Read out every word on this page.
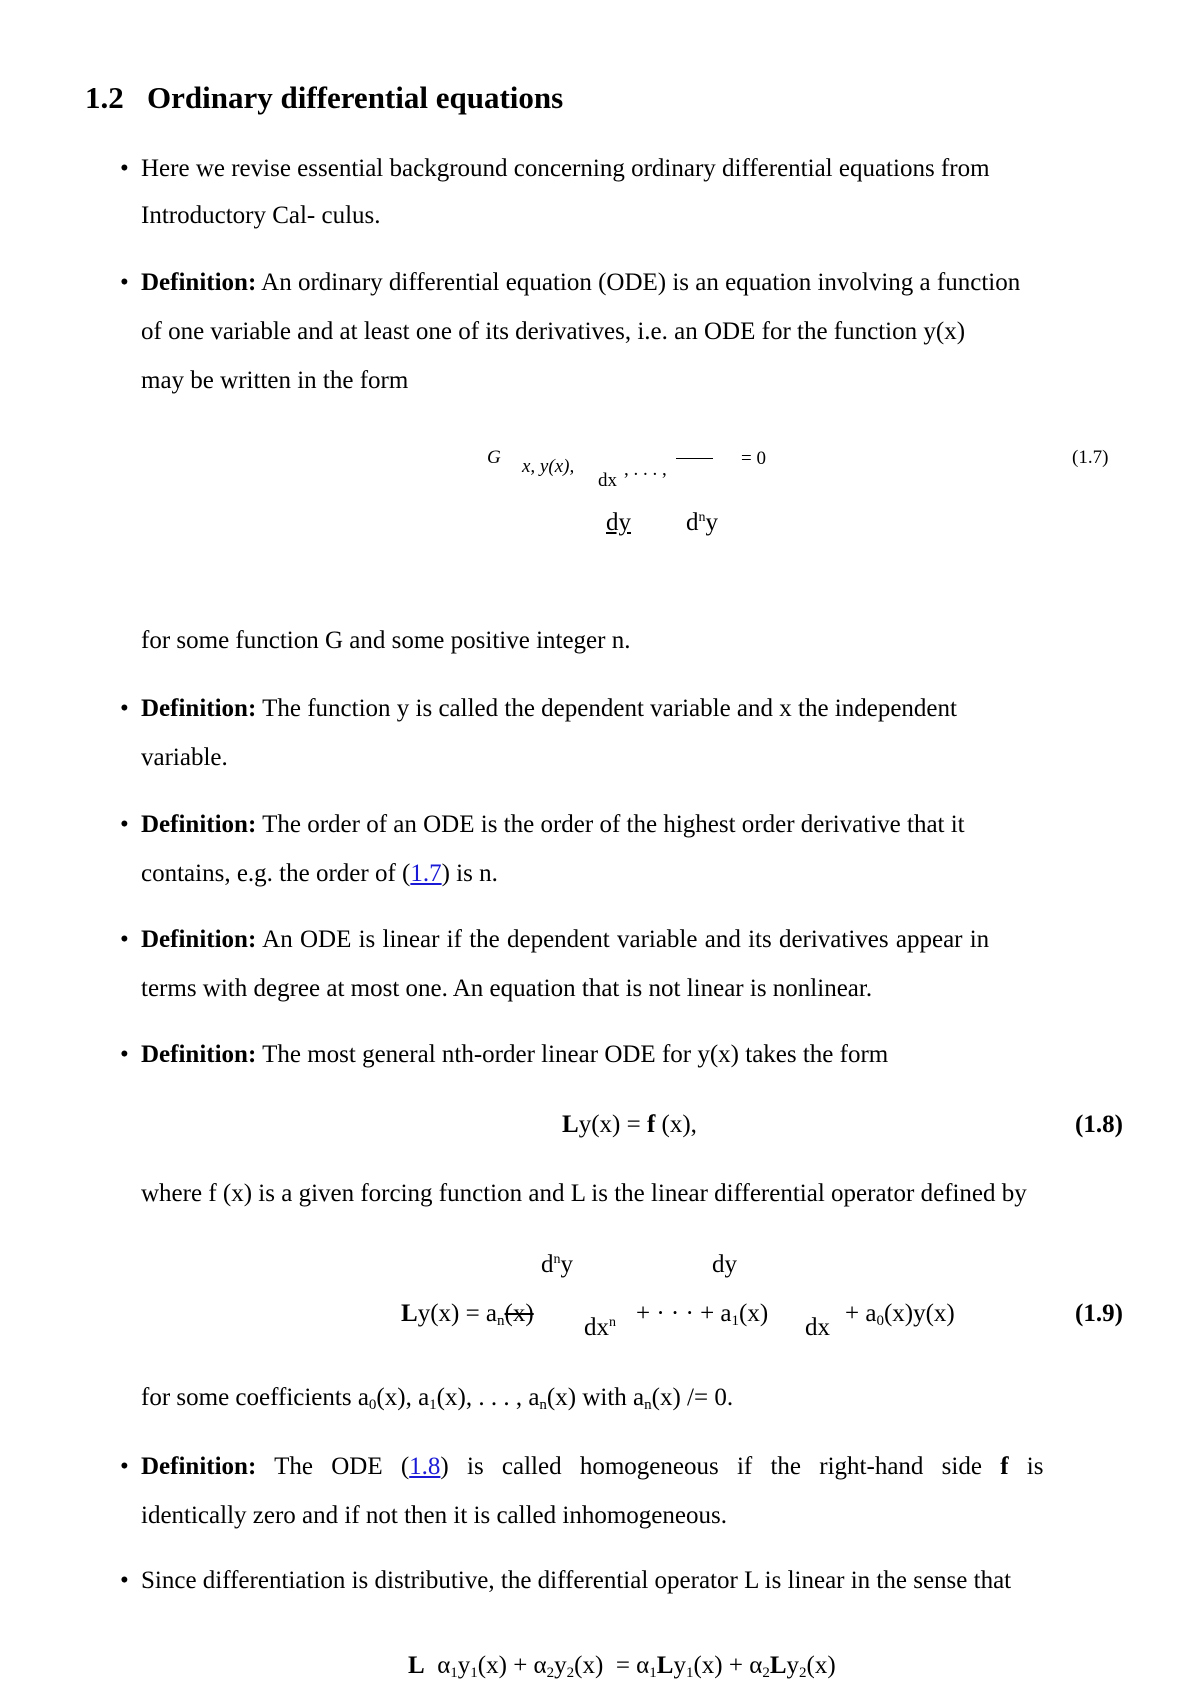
1.2 Ordinary differential equations
• Here we revise essential background concerning ordinary differential equations from
Introductory Cal- culus.
• Definition: An ordinary differential equation (ODE) is an equation involving a function
of one variable and at least one of its derivatives, i.e. an ODE for the function y(x)
may be written in the form
G x, y(x),
dx
, . . . ,
= 0	(1.7)
dy $d^ny$
for some function G and some positive integer n.
• Definition: The function y is called the dependent variable and x the independent
variable.
• Definition: The order of an ODE is the order of the highest order derivative that it
contains, e.g. the order of (1.7) is n.
• Definition: An ODE is linear if the dependent variable and its derivatives appear in
terms with degree at most one. An equation that is not linear is nonlinear.
• Definition: The most general nth-order linear ODE for y(x) takes the form
Ly(x) = f (x),	(1.8)
where f (x) is a given forcing function and L is the linear differential operator defined by
$d^ny$	dy
$Ly(x) = a_n(x)$
$dx^n$ + · · · + $a_1(x)$
dx
+ $a_0(x)y(x)$	(1.9)
for some coefficients $a_0(x)$, $a_1(x)$, . . . , $a_n(x)$ with $a_n(x) /= 0$.
• Definition: The ODE (1.8) is called homogeneous if the right-hand side f is
identically zero and if not then it is called inhomogeneous.
• Since differentiation is distributive, the differential operator L is linear in the sense that
L $\alpha_1y_1(x) + \alpha_2y_2(x) = \alpha_1Ly_1(x) + \alpha_2Ly_2(x)$
